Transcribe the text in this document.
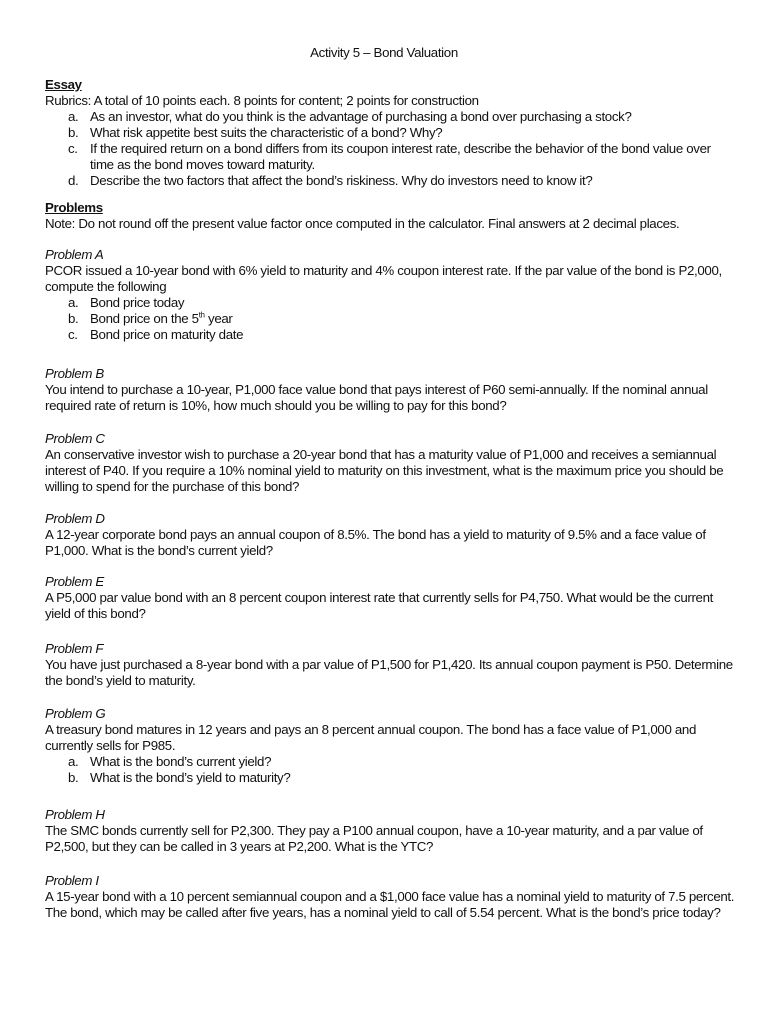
Activity 5 – Bond Valuation
Essay
Rubrics: A total of 10 points each. 8 points for content; 2 points for construction
a. As an investor, what do you think is the advantage of purchasing a bond over purchasing a stock?
b. What risk appetite best suits the characteristic of a bond? Why?
c. If the required return on a bond differs from its coupon interest rate, describe the behavior of the bond value over time as the bond moves toward maturity.
d. Describe the two factors that affect the bond’s riskiness. Why do investors need to know it?
Problems
Note: Do not round off the present value factor once computed in the calculator. Final answers at 2 decimal places.
Problem A
PCOR issued a 10-year bond with 6% yield to maturity and 4% coupon interest rate. If the par value of the bond is P2,000, compute the following
a. Bond price today
b. Bond price on the 5th year
c. Bond price on maturity date
Problem B
You intend to purchase a 10-year, P1,000 face value bond that pays interest of P60 semi-annually. If the nominal annual required rate of return is 10%, how much should you be willing to pay for this bond?
Problem C
An conservative investor wish to purchase a 20-year bond that has a maturity value of P1,000 and receives a semiannual interest of P40. If you require a 10% nominal yield to maturity on this investment, what is the maximum price you should be willing to spend for the purchase of this bond?
Problem D
A 12-year corporate bond pays an annual coupon of 8.5%. The bond has a yield to maturity of 9.5% and a face value of P1,000. What is the bond’s current yield?
Problem E
A P5,000 par value bond with an 8 percent coupon interest rate that currently sells for P4,750. What would be the current yield of this bond?
Problem F
You have just purchased a 8-year bond with a par value of P1,500 for P1,420. Its annual coupon payment is P50. Determine the bond’s yield to maturity.
Problem G
A treasury bond matures in 12 years and pays an 8 percent annual coupon. The bond has a face value of P1,000 and currently sells for P985.
a. What is the bond’s current yield?
b. What is the bond’s yield to maturity?
Problem H
The SMC bonds currently sell for P2,300. They pay a P100 annual coupon, have a 10-year maturity, and a par value of P2,500, but they can be called in 3 years at P2,200. What is the YTC?
Problem I
A 15-year bond with a 10 percent semiannual coupon and a $1,000 face value has a nominal yield to maturity of 7.5 percent. The bond, which may be called after five years, has a nominal yield to call of 5.54 percent. What is the bond’s price today?
